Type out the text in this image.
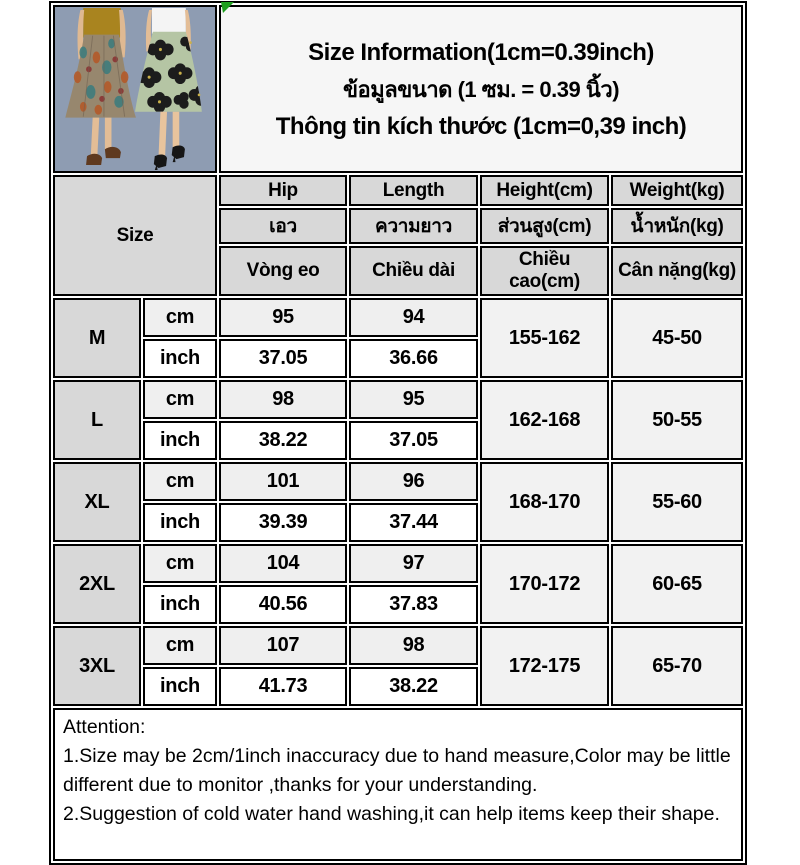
Size Information(1cm=0.39inch)
ข้อมูลขนาด (1 ซม. = 0.39 นิ้ว)
Thông tin kích thước (1cm=0,39 inch)			

Size		Hip	Length	Height(cm)	Weight(kg)
		เอว	ความยาว	ส่วนสูง(cm)	น้ำหนัก(kg)
		Vòng eo	Chiều dài	Chiều cao(cm)	Cân nặng(kg)
M	cm	95	94	155-162	45-50
	inch	37.05	36.66		
L	cm	98	95	162-168	50-55
	inch	38.22	37.05		
XL	cm	101	96	168-170	55-60
	inch	39.39	37.44		
2XL	cm	104	97	170-172	60-65
	inch	40.56	37.83		
3XL	cm	107	98	172-175	65-70
	inch	41.73	38.22		

Attention:
1.Size may be 2cm/1inch inaccuracy due to hand measure,Color may be little different due to monitor ,thanks for your understanding.
2.Suggestion of cold water hand washing,it can help items keep their shape.					
